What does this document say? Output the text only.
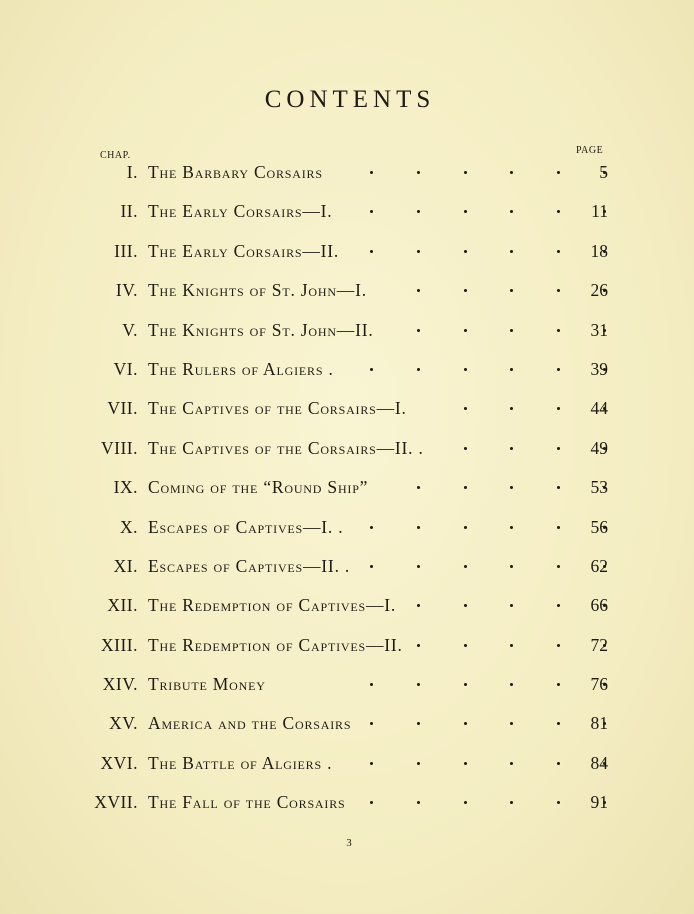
CONTENTS
CHAP.	PAGE
I. The Barbary Corsairs	5
II. The Early Corsairs—I.	11
III. The Early Corsairs—II.	18
IV. The Knights of St. John—I.	26
V. The Knights of St. John—II.	31
VI. The Rulers of Algiers .	39
VII. The Captives of the Corsairs—I.	44
VIII. The Captives of the Corsairs—II. .	49
IX. Coming of the “Round Ship”	53
X. Escapes of Captives—I. .	56
XI. Escapes of Captives—II. .	62
XII. The Redemption of Captives—I.	66
XIII. The Redemption of Captives—II.	72
XIV. Tribute Money	76
XV. America and the Corsairs	81
XVI. The Battle of Algiers .	84
XVII. The Fall of the Corsairs	91
3
